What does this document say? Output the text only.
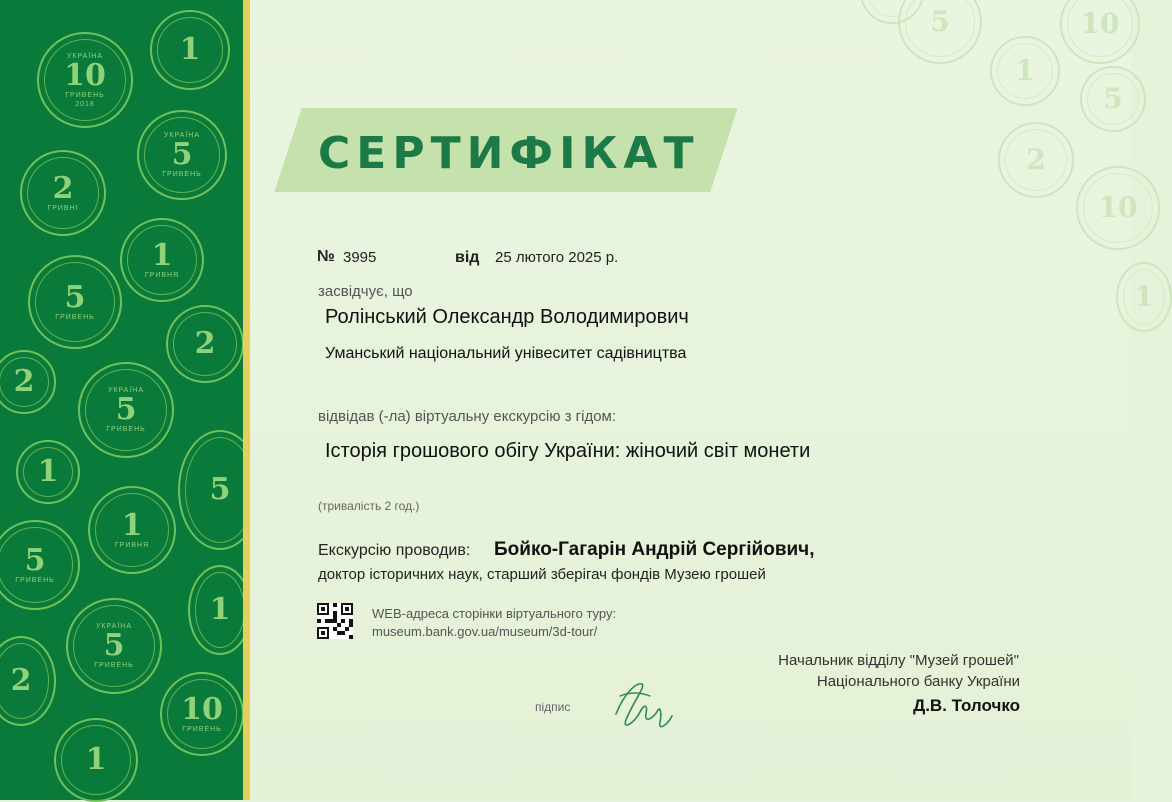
УКРАЇНА
10
ГРИВЕНЬ
2018
1
УКРАЇНА
5
ГРИВЕНЬ
2
ГРИВНІ
1
ГРИВНЯ
5
ГРИВЕНЬ
2
2	УКРАЇНА
5
ГРИВЕНЬ
1
5
1
ГРИВНЯ
5
ГРИВЕНЬ
1
УКРАЇНА
5
ГРИВЕНЬ
2
10
ГРИВЕНЬ
1
5	10
1
5
2
10
1
СЕРТИФІКАТ
№ 3995	від 25 лютого 2025 р.
засвідчує, що
Ролінський Олександр Володимирович
Уманський національний унівеситет садівництва
відвідав (-ла) віртуальну екскурсію з гідом:
Історія грошового обігу України: жіночий світ монети
(тривалість 2 год.)
Екскурсію проводив: Бойко-Гагарін Андрій Сергійович,
доктор історичних наук, старший зберігач фондів Музею грошей
WEB-адреса сторінки віртуального туру:
museum.bank.gov.ua/museum/3d-tour/
Начальник відділу "Музей грошей"
Національного банку України
Д.В. Толочко
підпис
